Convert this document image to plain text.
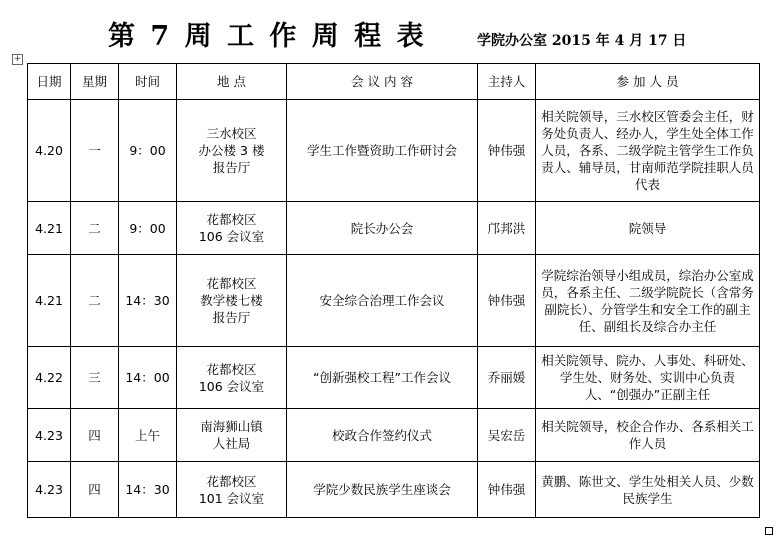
第 7 周 工 作 周 程 表	学院办公室 2015 年 4 月 17 日
+
日期	星期	时间	地 点	会 议 内 容	主持人	参 加 人 员
4.20	一	9：00	三水校区
办公楼 3 楼
报告厅	学生工作暨资助工作研讨会	钟伟强	相关院领导，三水校区管委会主任，财务处负责人、经办人，学生处全体工作人员，各系、二级学院主管学生工作负责人、辅导员，甘南师范学院挂职人员代表
4.21	二	9：00	花都校区
106 会议室	院长办公会	邝邦洪	院领导
4.21	二	14：30	花都校区
教学楼七楼
报告厅	安全综合治理工作会议	钟伟强	学院综治领导小组成员，综治办公室成员，各系主任、二级学院院长（含常务副院长）、分管学生和安全工作的副主任、副组长及综合办主任
4.22	三	14：00	花都校区
106 会议室	“创新强校工程”工作会议	乔丽媛	相关院领导、院办、人事处、科研处、学生处、财务处、实训中心负责人、“创强办”正副主任
4.23	四	上午	南海狮山镇
人社局	校政合作签约仪式	吴宏岳	相关院领导，校企合作办、各系相关工作人员
4.23	四	14：30	花都校区
101 会议室	学院少数民族学生座谈会	钟伟强	黄鹏、陈世文、学生处相关人员、少数民族学生
